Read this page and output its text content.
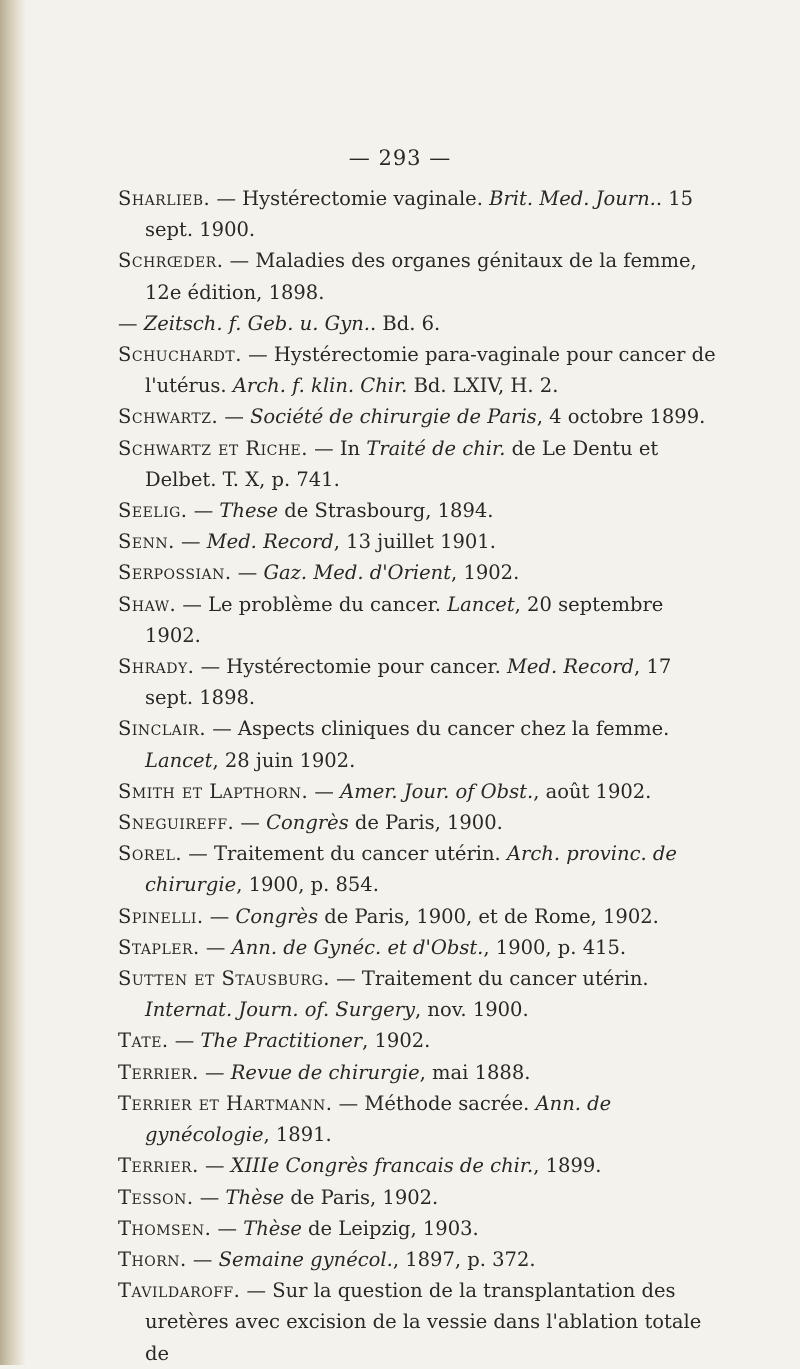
— 293 —
Sharlieb. — Hystérectomie vaginale. Brit. Med. Journ.. 15 sept. 1900.
Schrœder. — Maladies des organes génitaux de la femme, 12e édition, 1898.
— Zeitsch. f. Geb. u. Gyn.. Bd. 6.
Schuchardt. — Hystérectomie para-vaginale pour cancer de l'utérus. Arch. f. klin. Chir. Bd. LXIV, H. 2.
Schwartz. — Société de chirurgie de Paris, 4 octobre 1899.
Schwartz et Riche. — In Traité de chir. de Le Dentu et Delbet. T. X, p. 741.
Seelig. — These de Strasbourg, 1894.
Senn. — Med. Record, 13 juillet 1901.
Serpossian. — Gaz. Med. d'Orient, 1902.
Shaw. — Le problème du cancer. Lancet, 20 septembre 1902.
Shrady. — Hystérectomie pour cancer. Med. Record, 17 sept. 1898.
Sinclair. — Aspects cliniques du cancer chez la femme. Lancet, 28 juin 1902.
Smith et Lapthorn. — Amer. Jour. of Obst., août 1902.
Sneguireff. — Congrès de Paris, 1900.
Sorel. — Traitement du cancer utérin. Arch. provinc. de chirurgie, 1900, p. 854.
Spinelli. — Congrès de Paris, 1900, et de Rome, 1902.
Stapler. — Ann. de Gynéc. et d'Obst., 1900, p. 415.
Sutten et Stausburg. — Traitement du cancer utérin. Internat. Journ. of. Surgery, nov. 1900.
Tate. — The Practitioner, 1902.
Terrier. — Revue de chirurgie, mai 1888.
Terrier et Hartmann. — Méthode sacrée. Ann. de gynécologie, 1891.
Terrier. — XIIIe Congrès francais de chir., 1899.
Tesson. — Thèse de Paris, 1902.
Thomsen. — Thèse de Leipzig, 1903.
Thorn. — Semaine gynécol., 1897, p. 372.
Tavildaroff. — Sur la question de la transplantation des uretères avec excision de la vessie dans l'ablation totale de
